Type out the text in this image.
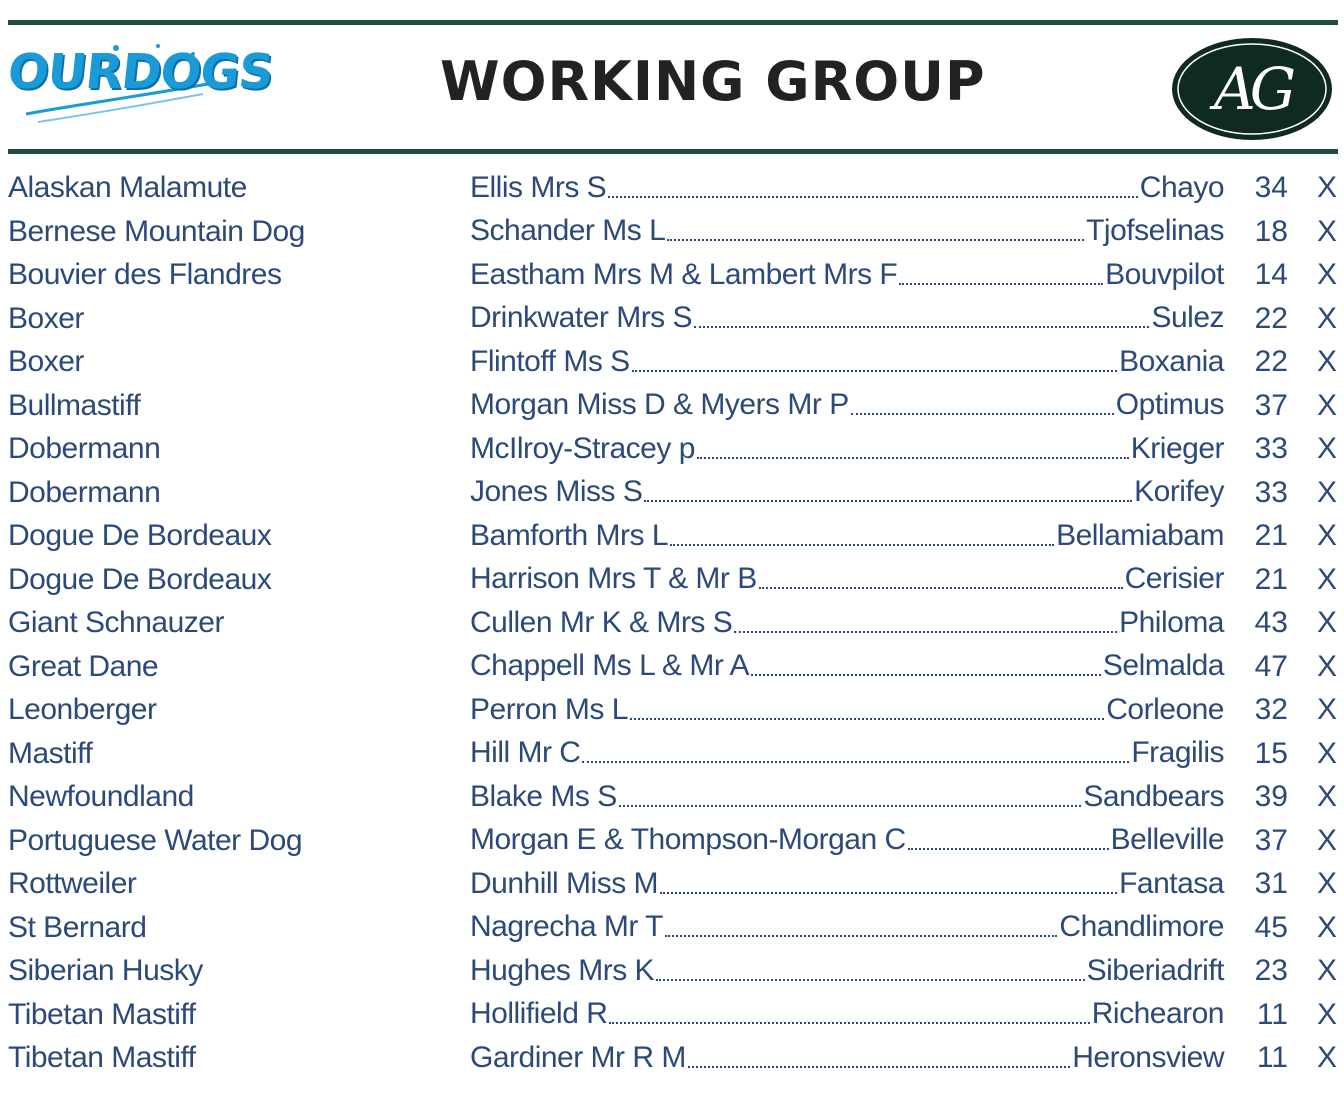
OURDOGS	WORKING GROUP	AG
Alaskan Malamute	Ellis Mrs S	Chayo	34 X
Bernese Mountain Dog	Schander Ms L	Tjofselinas	18 X
Bouvier des Flandres	Eastham Mrs M & Lambert Mrs F	Bouvpilot	14 X
Boxer	Drinkwater Mrs S	Sulez	22 X
Boxer	Flintoff Ms S	Boxania	22 X
Bullmastiff	Morgan Miss D & Myers Mr P	Optimus	37 X
Dobermann	McIlroy-Stracey p	Krieger	33 X
Dobermann	Jones Miss S	Korifey	33 X
Dogue De Bordeaux	Bamforth Mrs L	Bellamiabam	21 X
Dogue De Bordeaux	Harrison Mrs T & Mr B	Cerisier	21 X
Giant Schnauzer	Cullen Mr K & Mrs S	Philoma	43 X
Great Dane	Chappell Ms L & Mr A	Selmalda	47 X
Leonberger	Perron Ms L	Corleone	32 X
Mastiff	Hill Mr C	Fragilis	15 X
Newfoundland	Blake Ms S	Sandbears	39 X
Portuguese Water Dog	Morgan E & Thompson-Morgan C	Belleville	37 X
Rottweiler	Dunhill Miss M	Fantasa	31 X
St Bernard	Nagrecha Mr T	Chandlimore	45 X
Siberian Husky	Hughes Mrs K	Siberiadrift	23 X
Tibetan Mastiff	Hollifield R	Richearon	11 X
Tibetan Mastiff	Gardiner Mr R M	Heronsview	11 X
